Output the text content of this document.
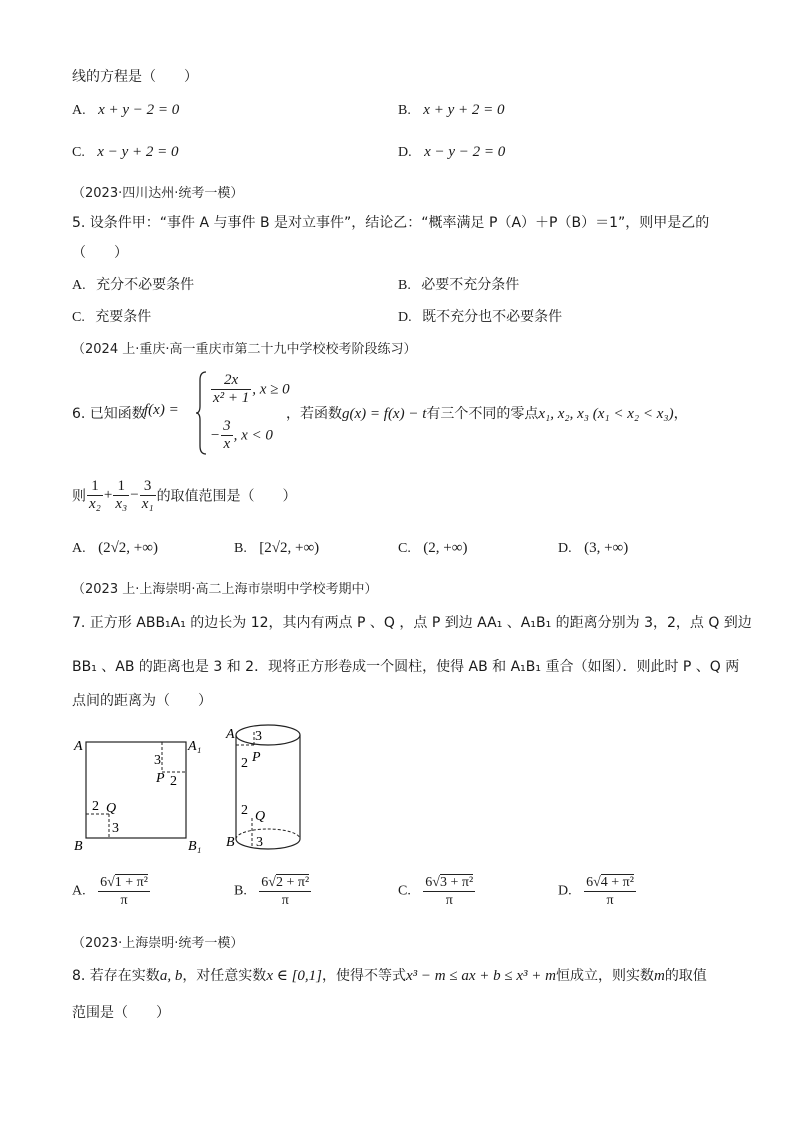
线的方程是（　　）
A. x + y − 2 = 0	B. x + y + 2 = 0
C. x − y + 2 = 0	D. x − y − 2 = 0
（2023·四川达州·统考一模）
5. 设条件甲：“事件 A 与事件 B 是对立事件”，结论乙：“概率满足 P（A）＋P（B）＝1”，则甲是乙的
（　　）
A. 充分不必要条件	B. 必要不充分条件
C. 充要条件	D. 既不充分也不必要条件
（2024 上·重庆·高一重庆市第二十九中学校校考阶段练习）
6. 已知函数
f(x) =
$\frac{2x}{\text{x² + 1}}$ , x ≥ 0
− $\frac{3}{x}$ , x < 0
，若函数g(x) = f(x) − t有三个不同的零点x₁, x₂, x₃ (x₁ < x₂ < x₃)，
则 $\frac{1}{\text{x₂}} + \frac{1}{\text{x₃}} - \frac{3}{\text{x₁}}$ 的取值范围是（　　）
A. (2√2, +∞)	B. [2√2, +∞)	C. (2, +∞)	D. (3, +∞)
（2023 上·上海崇明·高二上海市崇明中学校考期中）
7. 正方形 ABB₁A₁ 的边长为 12，其内有两点 P 、Q ，点 P 到边 AA₁ 、A₁B₁ 的距离分别为 3，2，点 Q 到边
BB₁ 、AB 的距离也是 3 和 2．现将正方形卷成一个圆柱，使得 AB 和 A₁B₁ 重合（如图）．则此时 P 、Q 两
点间的距离为（　　）
A	A₁
B	B₁
3
P 2
2 Q
3
A 3
2 P
2 Q
B 3
A. $\frac{\text{6√1 + π²}}{\pi}$	B. $\frac{\text{6√2 + π²}}{\pi}$	C. $\frac{\text{6√3 + π²}}{\pi}$	D. $\frac{\text{6√4 + π²}}{\pi}$
（2023·上海崇明·统考一模）
8. 若存在实数a, b，对任意实数x ∈ [0,1]，使得不等式x³ − m ≤ ax + b ≤ x³ + m恒成立，则实数m的取值
范围是（　　）
